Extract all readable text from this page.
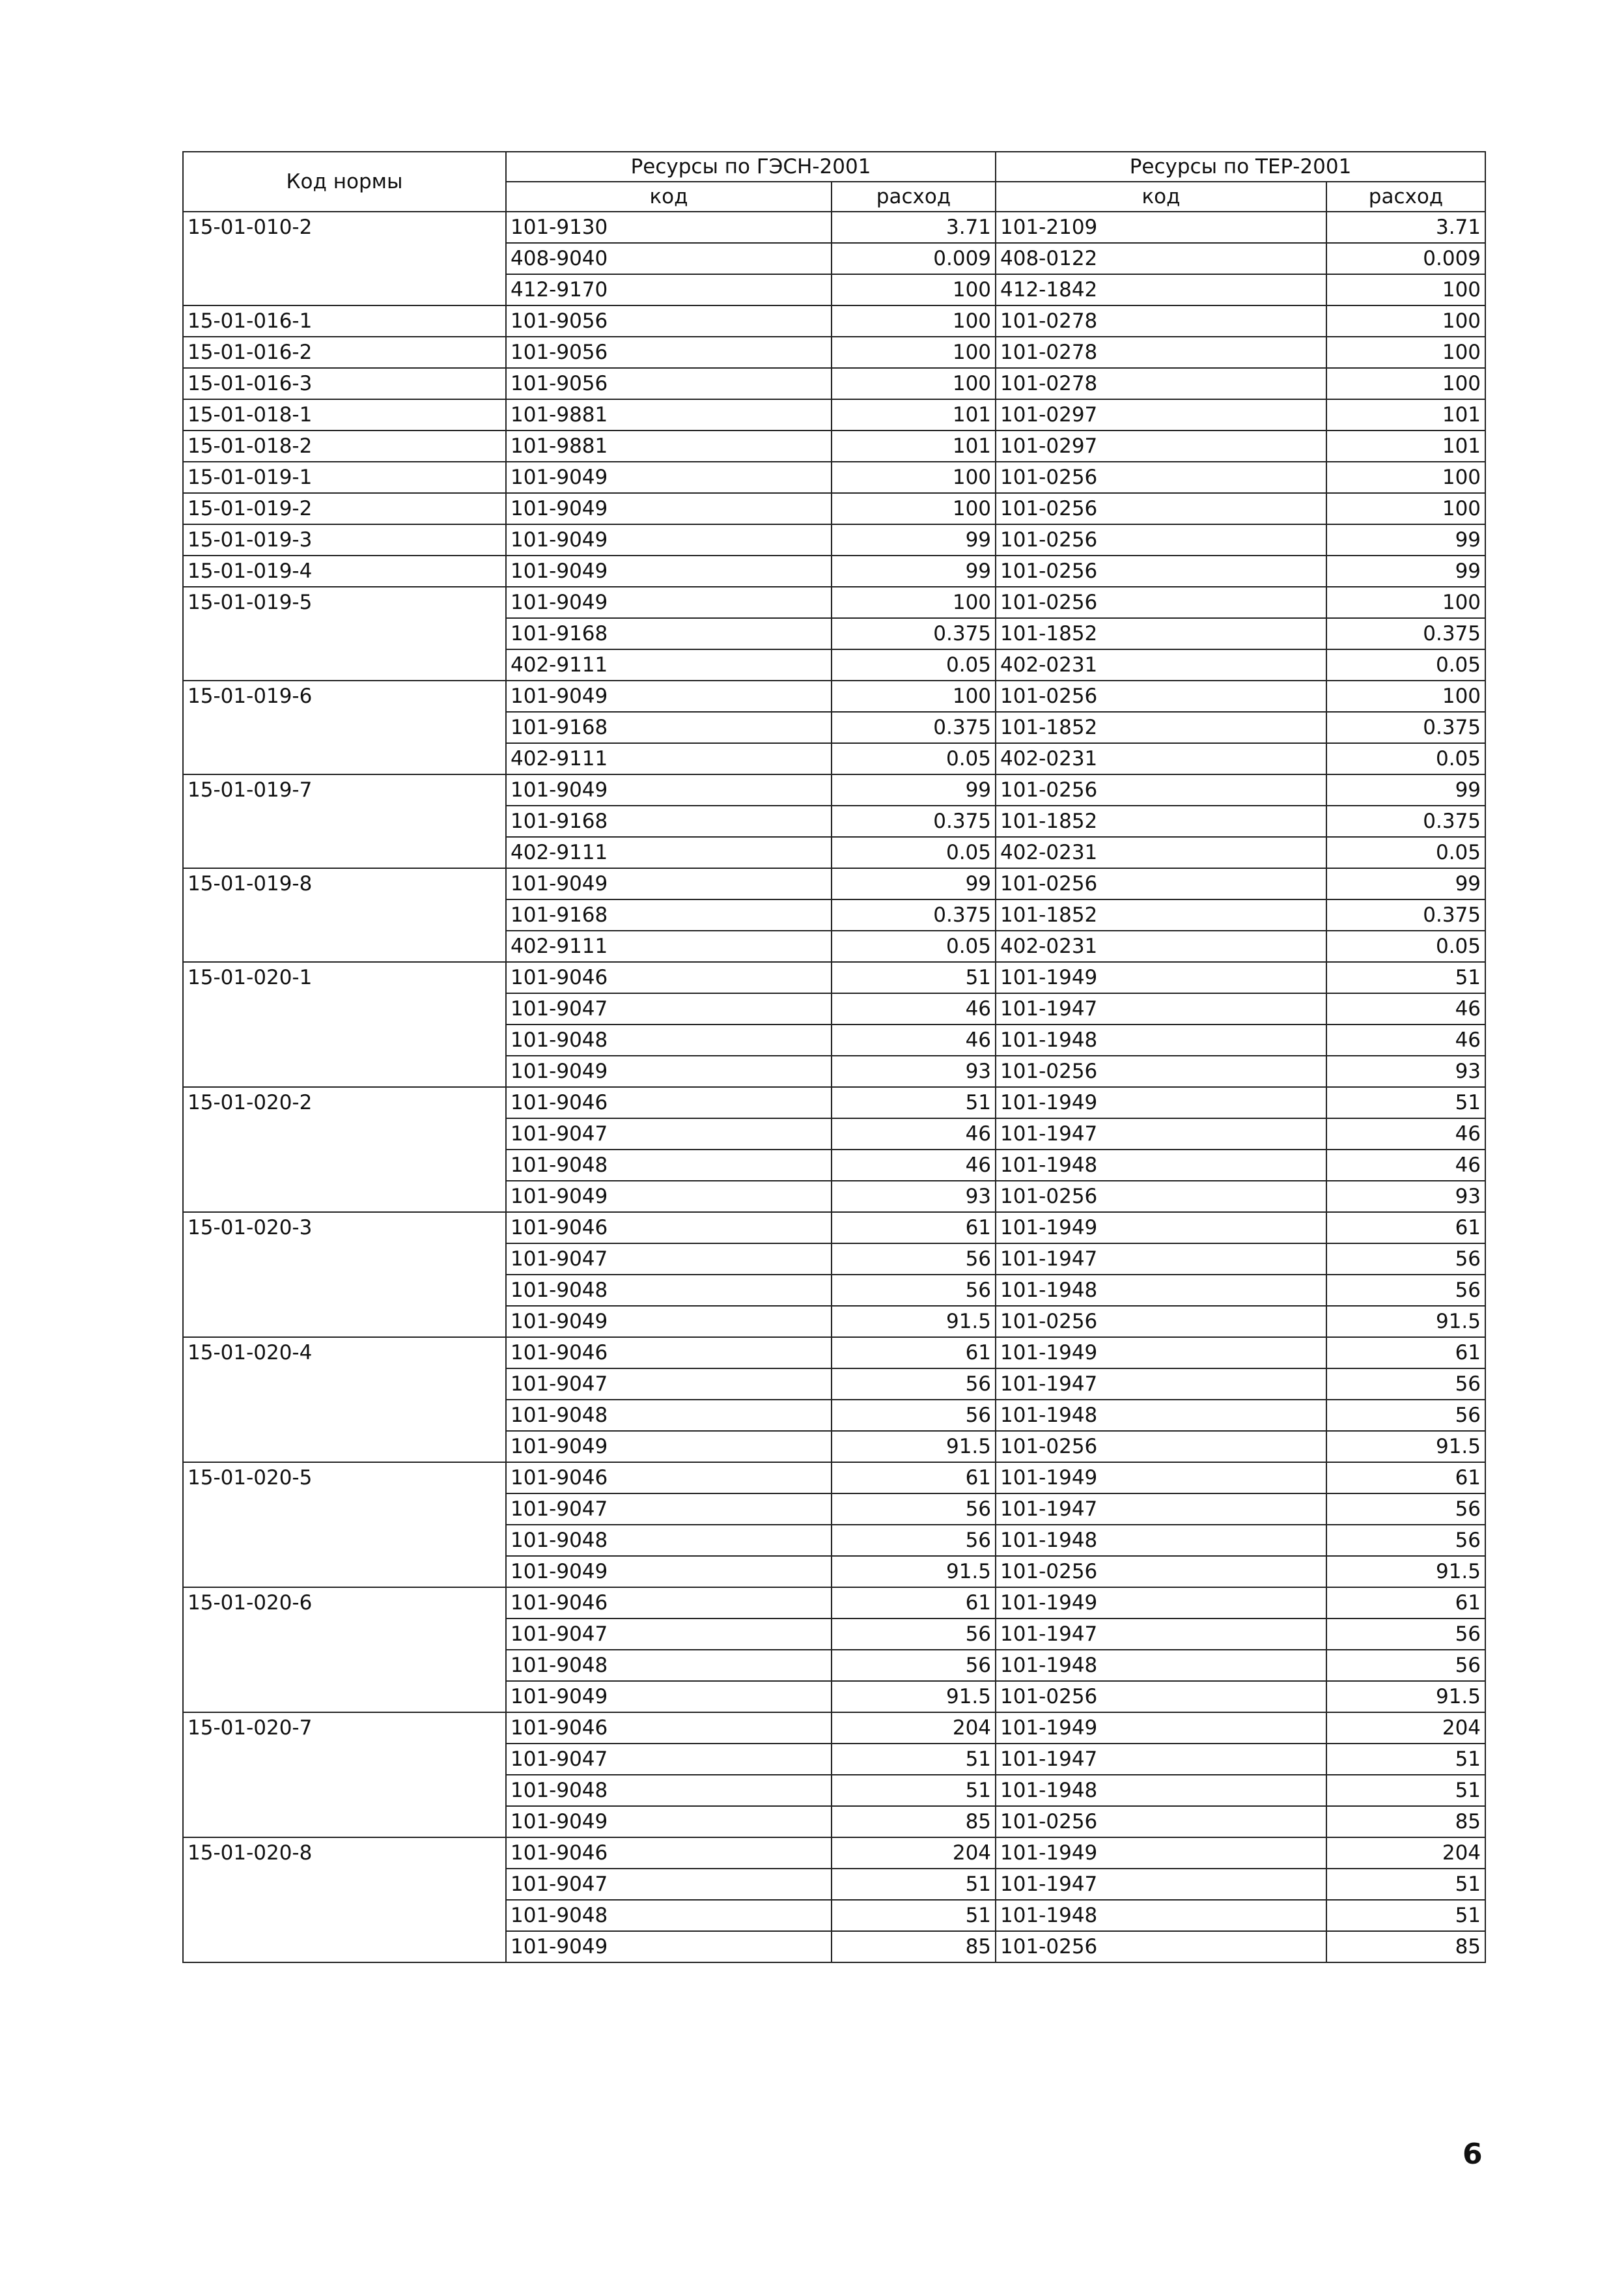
Код нормы	Ресурсы по ГЭСН-2001		Ресурсы по ТЕР-2001	
	код	расход	код	расход
15-01-010-2	101-9130	3.71	101-2109	3.71
	408-9040	0.009	408-0122	0.009
	412-9170	100	412-1842	100
15-01-016-1	101-9056	100	101-0278	100
15-01-016-2	101-9056	100	101-0278	100
15-01-016-3	101-9056	100	101-0278	100
15-01-018-1	101-9881	101	101-0297	101
15-01-018-2	101-9881	101	101-0297	101
15-01-019-1	101-9049	100	101-0256	100
15-01-019-2	101-9049	100	101-0256	100
15-01-019-3	101-9049	99	101-0256	99
15-01-019-4	101-9049	99	101-0256	99
15-01-019-5	101-9049	100	101-0256	100
	101-9168	0.375	101-1852	0.375
	402-9111	0.05	402-0231	0.05
15-01-019-6	101-9049	100	101-0256	100
	101-9168	0.375	101-1852	0.375
	402-9111	0.05	402-0231	0.05
15-01-019-7	101-9049	99	101-0256	99
	101-9168	0.375	101-1852	0.375
	402-9111	0.05	402-0231	0.05
15-01-019-8	101-9049	99	101-0256	99
	101-9168	0.375	101-1852	0.375
	402-9111	0.05	402-0231	0.05
15-01-020-1	101-9046	51	101-1949	51
	101-9047	46	101-1947	46
	101-9048	46	101-1948	46
	101-9049	93	101-0256	93
15-01-020-2	101-9046	51	101-1949	51
	101-9047	46	101-1947	46
	101-9048	46	101-1948	46
	101-9049	93	101-0256	93
15-01-020-3	101-9046	61	101-1949	61
	101-9047	56	101-1947	56
	101-9048	56	101-1948	56
	101-9049	91.5	101-0256	91.5
15-01-020-4	101-9046	61	101-1949	61
	101-9047	56	101-1947	56
	101-9048	56	101-1948	56
	101-9049	91.5	101-0256	91.5
15-01-020-5	101-9046	61	101-1949	61
	101-9047	56	101-1947	56
	101-9048	56	101-1948	56
	101-9049	91.5	101-0256	91.5
15-01-020-6	101-9046	61	101-1949	61
	101-9047	56	101-1947	56
	101-9048	56	101-1948	56
	101-9049	91.5	101-0256	91.5
15-01-020-7	101-9046	204	101-1949	204
	101-9047	51	101-1947	51
	101-9048	51	101-1948	51
	101-9049	85	101-0256	85
15-01-020-8	101-9046	204	101-1949	204
	101-9047	51	101-1947	51
	101-9048	51	101-1948	51
	101-9049	85	101-0256	85
6
